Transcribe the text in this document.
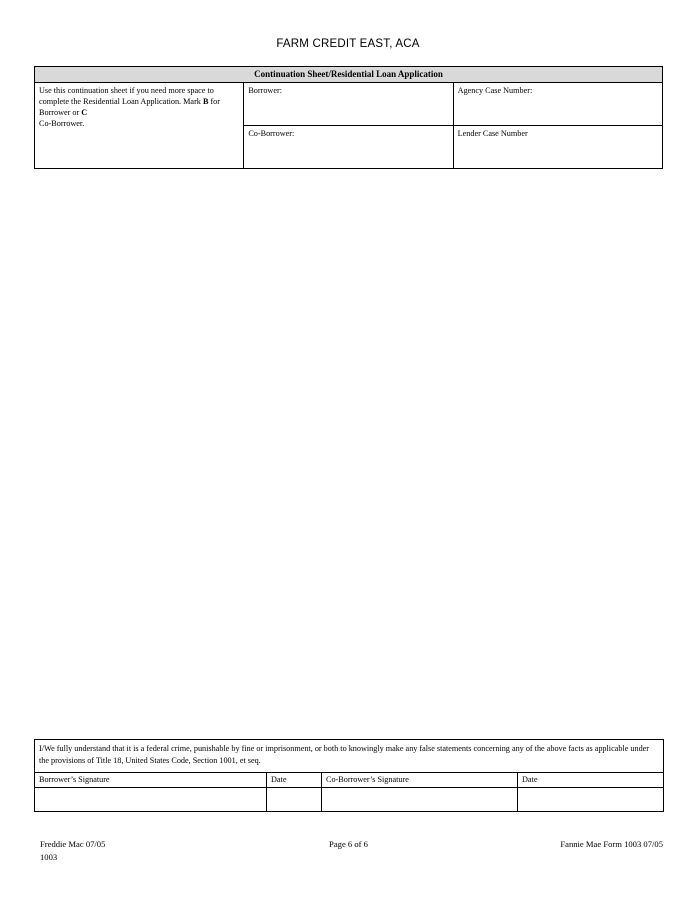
FARM CREDIT EAST, ACA
Continuation Sheet/Residential Loan Application		

Use this continuation sheet if you need more space to

complete the Residential Loan Application. Mark B for

Borrower or C

Co-Borrower.	Borrower:	Agency Case Number:
	Co-Borrower:	Lender Case Number

I/We fully understand that it is a federal crime, punishable by fine or imprisonment, or both to knowingly make any false statements concerning any of the above facts as applicable under the provisions of Title 18, United States Code, Section 1001, et seq.			

Borrower’s Signature	Date	Co-Borrower’s Signature	Date

Freddie Mac 07/05	Page 6 of 6	Fannie Mae Form 1003 07/05
1003
